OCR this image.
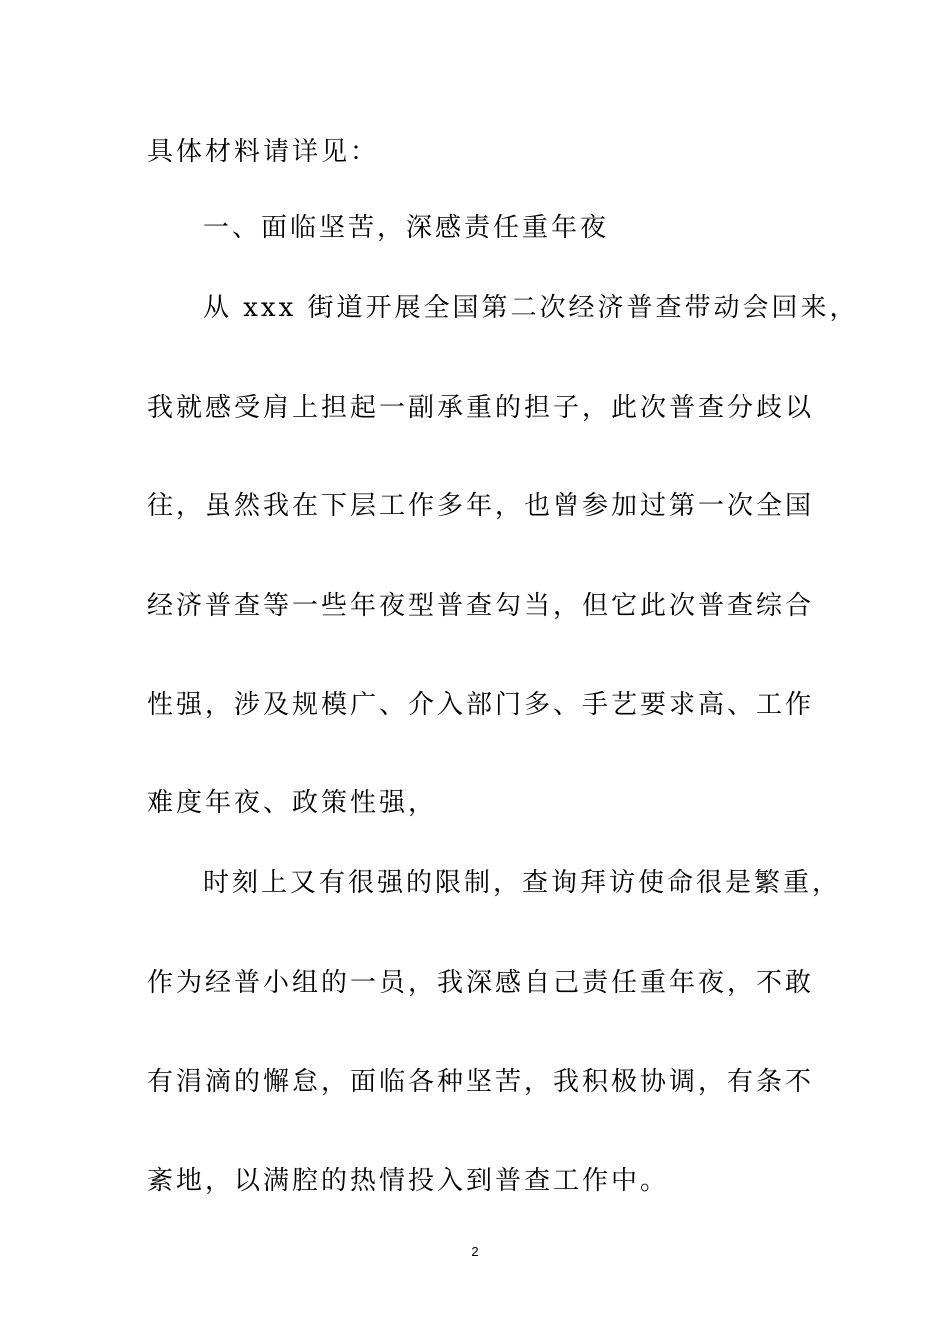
具体材料请详见：
一、面临坚苦，深感责任重年夜
从 xxx 街道开展全国第二次经济普查带动会回来，
我就感受肩上担起一副承重的担子，此次普查分歧以
往，虽然我在下层工作多年，也曾参加过第一次全国
经济普查等一些年夜型普查勾当，但它此次普查综合
性强，涉及规模广、介入部门多、手艺要求高、工作
难度年夜、政策性强，
时刻上又有很强的限制，查询拜访使命很是繁重，
作为经普小组的一员，我深感自己责任重年夜，不敢
有涓滴的懈怠，面临各种坚苦，我积极协调，有条不
紊地，以满腔的热情投入到普查工作中。
2
